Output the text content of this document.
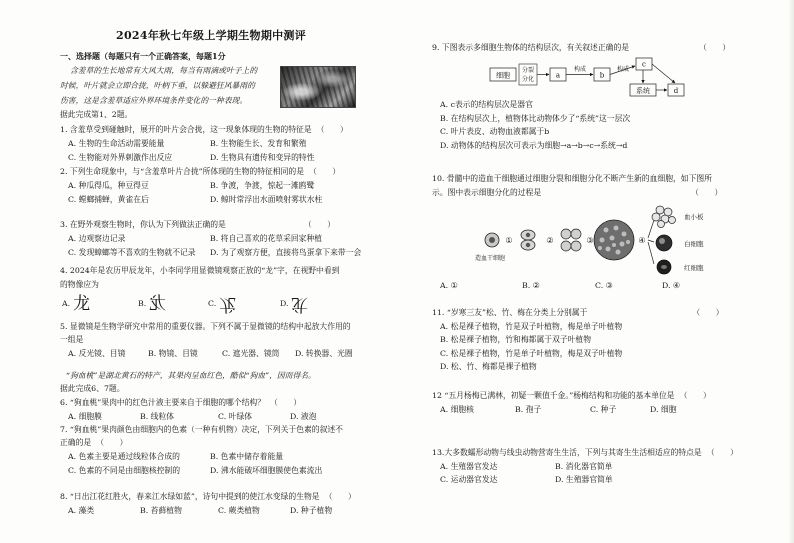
2024年秋七年级上学期生物期中测评
一、选择题（每题只有一个正确答案，每题1分
含羞草的生长地常有大风大雨，每当有雨滴或叶子上的
时候，叶片就会立即合拢，叶柄下垂，以躲避狂风暴雨的
伤害，这是含羞草适应外界环境条件变化的一种表现。
据此完成第1、2题。
1. 含羞草受到碰触时，展开的叶片会合拢，这一现象体现的生物的特征是 （　　）
A. 生物的生命活动需要能量	B. 生物能生长、发育和繁殖
C. 生物能对外界刺激作出反应	D. 生物具有遗传和变异的特性
2. 下列生命现象中，与“含羞草叶片合拢”所体现的生物的特征相同的是 （　　）
A. 种瓜得瓜，种豆得豆	B. 争渡，争渡，惊起一滩鸥鹭
C. 螳螂捕蝉，黄雀在后	D. 鲸时常浮出水面喷射雾状水柱
3. 在野外观察生物时，你认为下列做法正确的是	（　　）
A. 边观察边记录	B. 将自己喜欢的花草采回家种植
C. 发现蟑螂等不喜欢的生物就不记录 D. 为了观察方便，直接将鸟蛋拿下来带一会
4. 2024年是农历甲辰龙年，小李同学用显微镜观察正放的“龙”字，在视野中看到
的物像应为
A. 龙	B. 龙	C. 龙	D. 龙
5. 显微镜是生物学研究中常用的重要仪器。下列不属于显微镜的结构中起放大作用的
一组是
A. 反光镜、目镜	B. 物镜、目镜	C. 遮光器、镜筒 D. 转换器、光圈
“狗血桃”是湖北黄石的特产，其果肉呈血红色，酷似“狗血”，因而得名。
据此完成6、7题。
6. “狗血桃”果肉中的红色汁液主要来自于细胞的哪个结构？ （　　）
A. 细胞膜	B. 线粒体	C. 叶绿体	D. 液泡
7. “狗血桃”果肉颜色由细胞内的色素（一种有机物）决定，下列关于色素的叙述不
正确的是 （　　）
A. 色素主要是通过线粒体合成的	B. 色素中储存着能量
C. 色素的不同是由细胞核控制的	D. 沸水能破坏细胞膜使色素流出
8. “日出江花红胜火，春来江水绿如蓝”，诗句中提到的使江水变绿的生物是 （　　）
A. 藻类	B. 苔藓植物	C. 蕨类植物	D. 种子植物
9. 下图表示多细胞生物体的结构层次，有关叙述正确的是	（　　）
细胞
分裂
分化	a
构成
b
构成
c
系统	d
A. c表示的结构层次是器官
B. 在结构层次上，植物体比动物体少了“系统”这一层次
C. 叶片表皮、动物血液都属于b
D. 动物体的结构层次可表示为细胞→a→b→c→系统→d
10. 骨髓中的造血干细胞通过细胞分裂和细胞分化不断产生新的血细胞，如下图所
示。图中表示细胞分化的过程是	（　　）
造血干细胞
①	②	③	④
血小板
白细胞
红细胞
A. ①	B. ②	C. ③	D. ④
11. “岁寒三友”松、竹、梅在分类上分别属于	（　　）
A. 松是裸子植物，竹是双子叶植物，梅是单子叶植物
B. 松是裸子植物，竹和梅都属于双子叶植物
C. 松是裸子植物，竹是单子叶植物，梅是双子叶植物
D. 松、竹、梅都是裸子植物
12 “五月杨梅已满林，初疑一颗值千金。”杨梅结构和功能的基本单位是 （　　）
A. 细胞核	B. 孢子	C. 种子	D. 细胞
13.大多数蠕形动物与线虫动物营寄生生活，下列与其寄生生活相适应的特点是 （　　）
A. 生殖器官发达	B. 消化器官简单
C. 运动器官发达	D. 生殖器官简单
